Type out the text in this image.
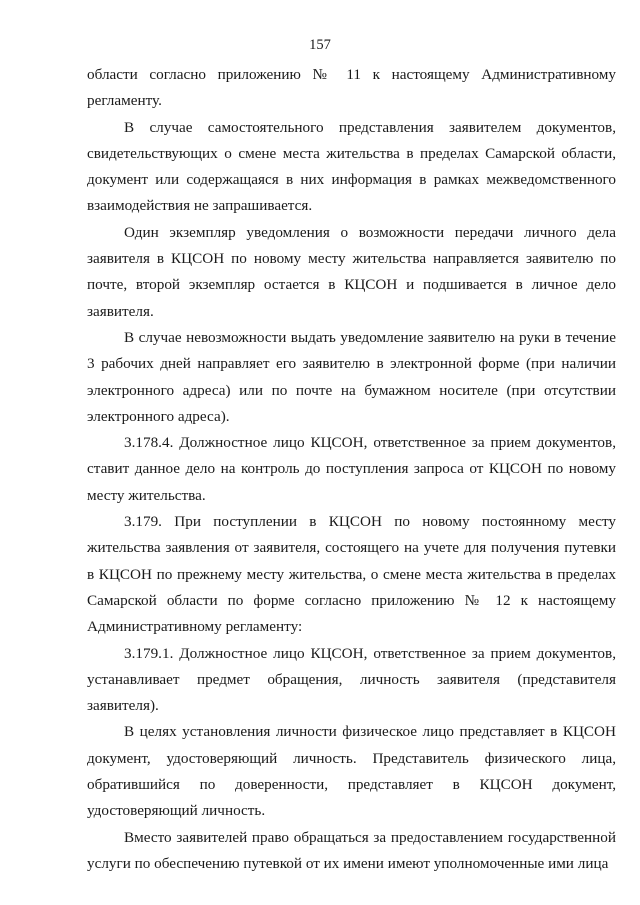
157

области согласно приложению № 11 к настоящему Административному регламенту.

В случае самостоятельного представления заявителем документов, свидетельствующих о смене места жительства в пределах Самарской области, документ или содержащаяся в них информация в рамках межведомственного взаимодействия не запрашивается.

Один экземпляр уведомления о возможности передачи личного дела заявителя в КЦСОН по новому месту жительства направляется заявителю по почте, второй экземпляр остается в КЦСОН и подшивается в личное дело заявителя.

В случае невозможности выдать уведомление заявителю на руки в течение 3 рабочих дней направляет его заявителю в электронной форме (при наличии электронного адреса) или по почте на бумажном носителе (при отсутствии электронного адреса).

3.178.4. Должностное лицо КЦСОН, ответственное за прием документов, ставит данное дело на контроль до поступления запроса от КЦСОН по новому месту жительства.

3.179. При поступлении в КЦСОН по новому постоянному месту жительства заявления от заявителя, состоящего на учете для получения путевки в КЦСОН по прежнему месту жительства, о смене места жительства в пределах Самарской области по форме согласно приложению № 12 к настоящему Административному регламенту:

3.179.1. Должностное лицо КЦСОН, ответственное за прием документов, устанавливает предмет обращения, личность заявителя (представителя заявителя).

В целях установления личности физическое лицо представляет в КЦСОН документ, удостоверяющий личность. Представитель физического лица, обратившийся по доверенности, представляет в КЦСОН документ, удостоверяющий личность.

Вместо заявителей право обращаться за предоставлением государственной услуги по обеспечению путевкой от их имени имеют уполномоченные ими лица
